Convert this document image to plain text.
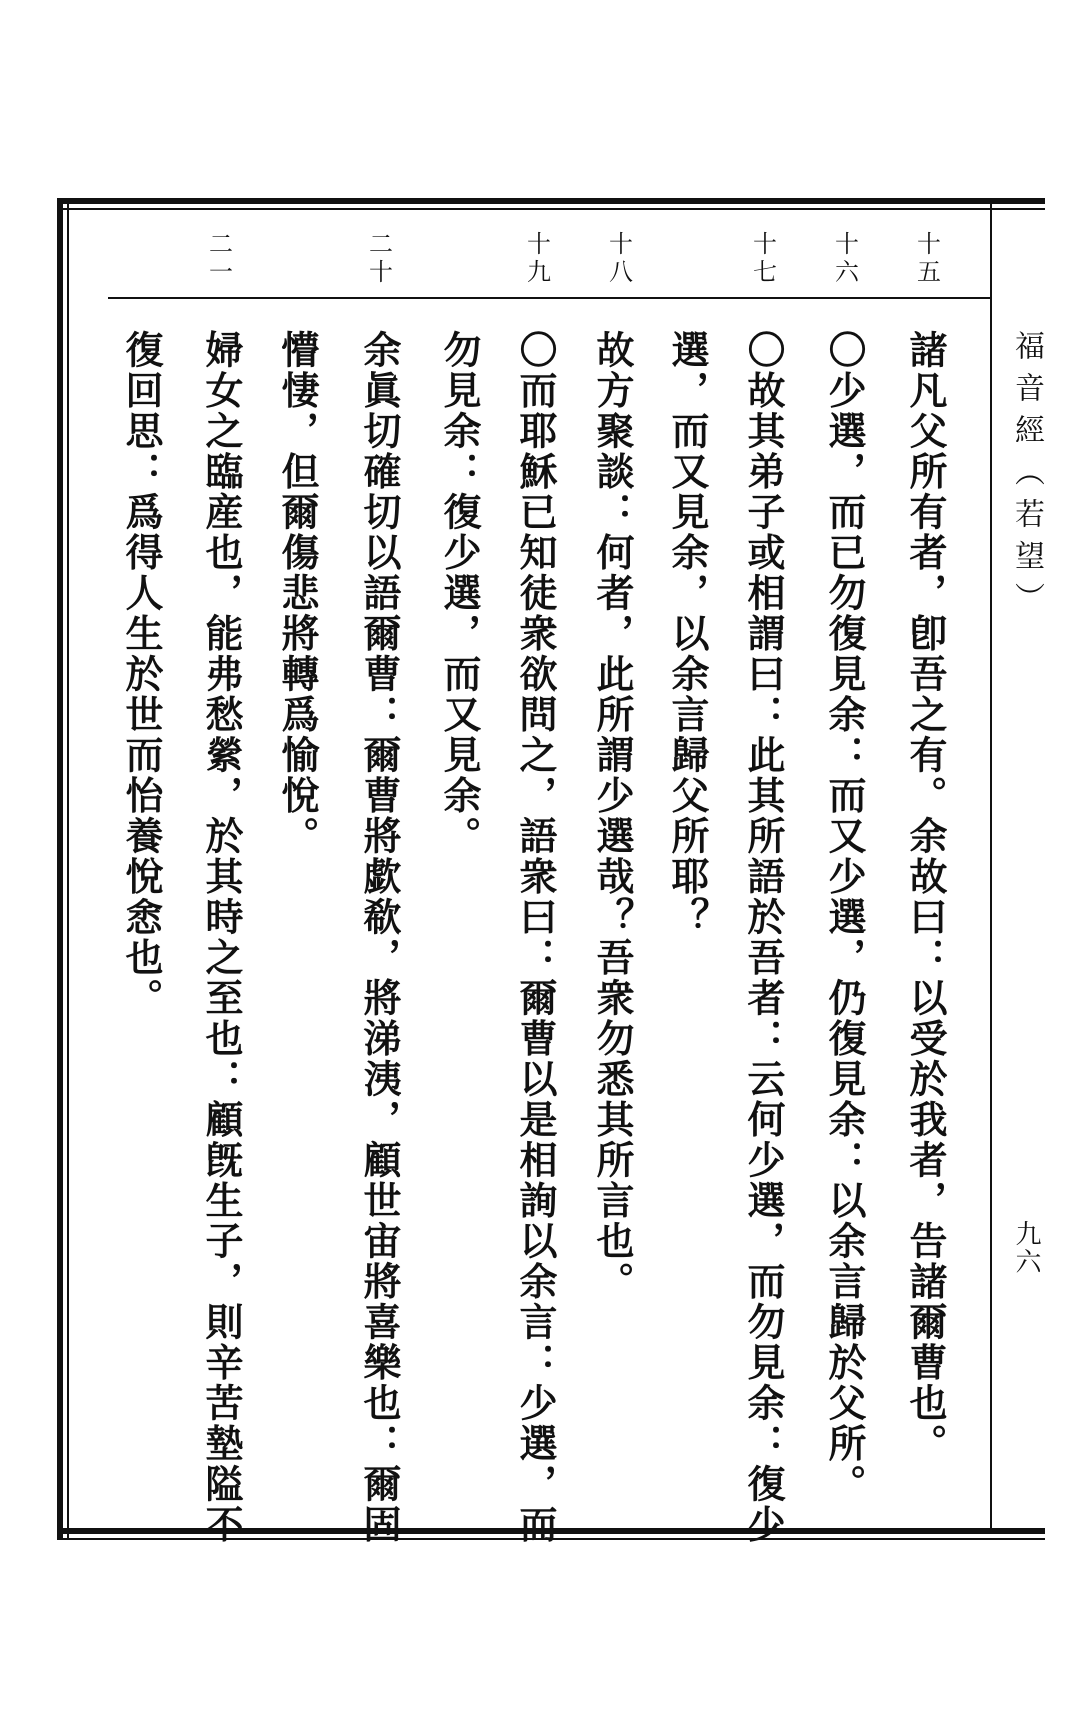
福音經（若望）
九六
十
五
十
六
十
七
十
八
十
九
二
十
二
一
諸凡父所有者，卽吾之有。余故曰：以受於我者，告諸爾曹也。
〇少選，而已勿復見余：而又少選，仍復見余：以余言歸於父所。
〇故其弟子或相謂曰：此其所語於吾者：云何少選，而勿見余：復少
選，而又見余，以余言歸父所耶？
故方聚談：何者，此所謂少選哉？吾衆勿悉其所言也。
〇而耶穌已知徒衆欲問之，語衆曰：爾曹以是相詢以余言：少選，而
勿見余：復少選，而又見余。
余眞切確切以語爾曹：爾曹將歔欷，將涕洟，顧世宙將喜樂也：爾固
懵悽，但爾傷悲將轉爲愉悅。
婦女之臨産也，能弗愁縈，於其時之至也：顧旣生子，則辛苦墊隘不
復回思：爲得人生於世而怡養悅悆也。
